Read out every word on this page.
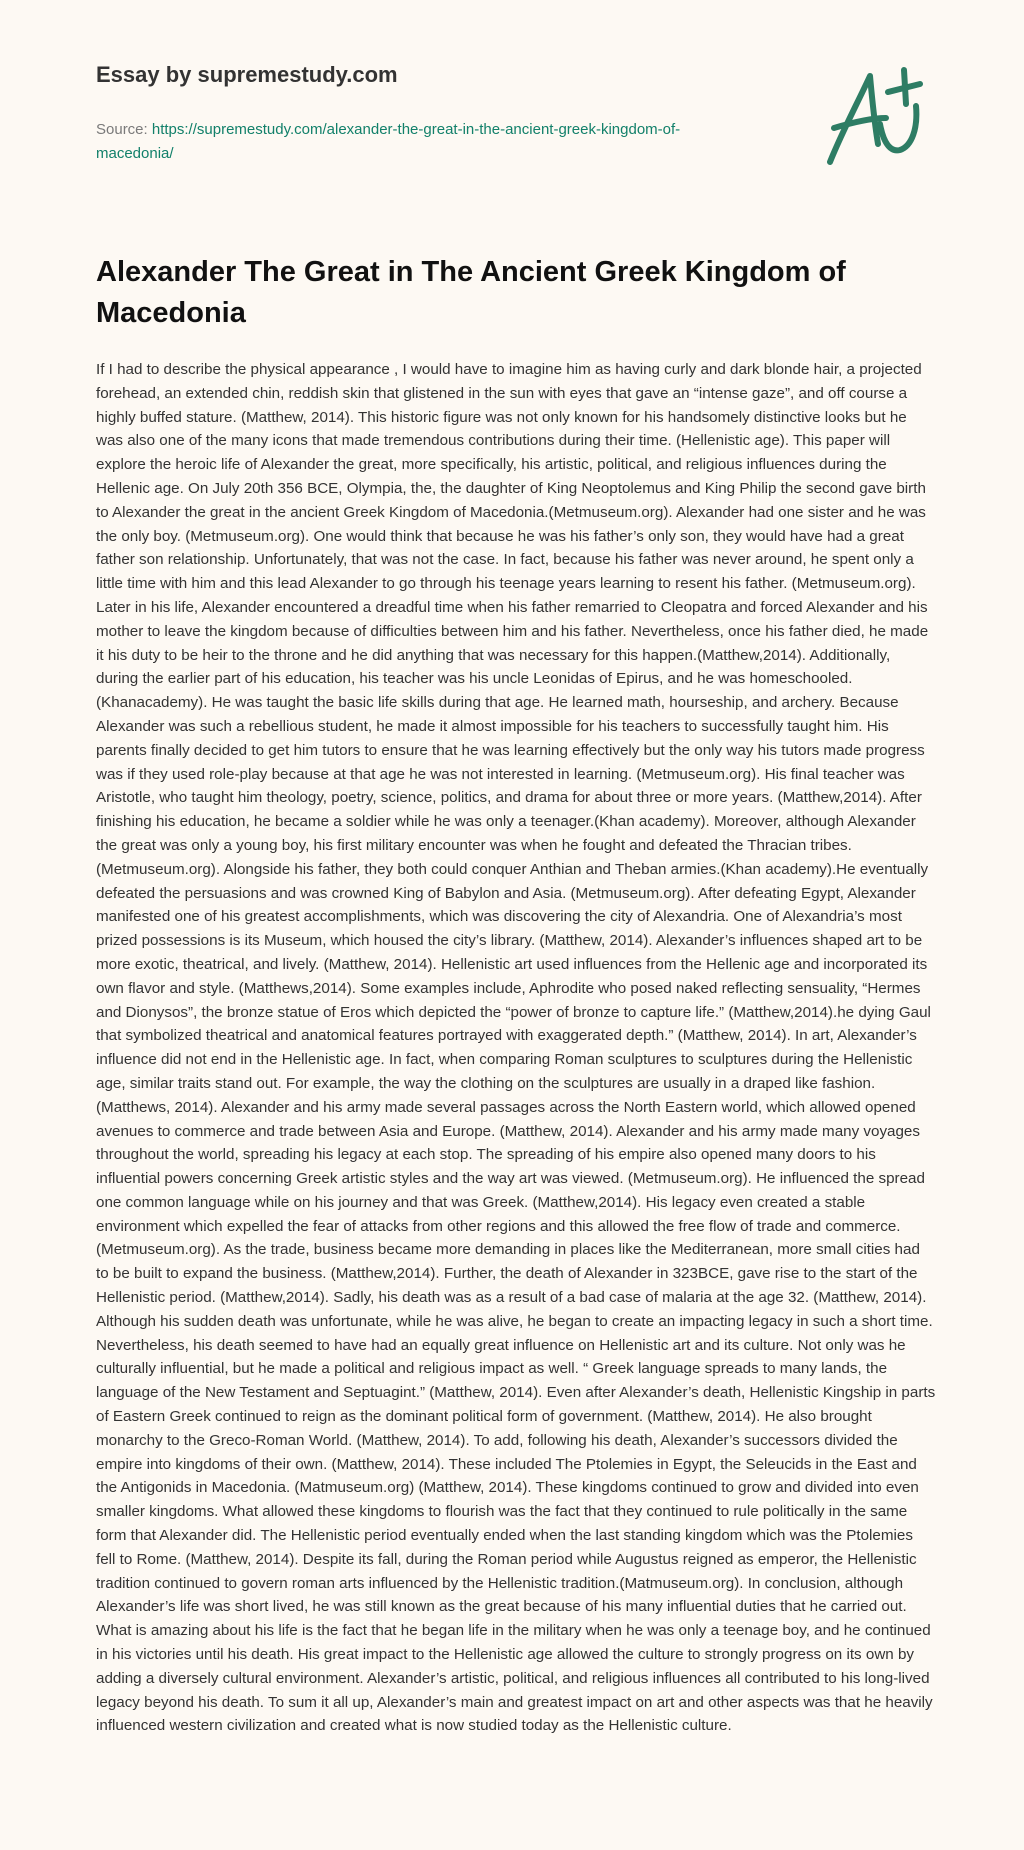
Essay by supremestudy.com
Source: https://supremestudy.com/alexander-the-great-in-the-ancient-greek-kingdom-of-
macedonia/
Alexander The Great in The Ancient Greek Kingdom of Macedonia

If I had to describe the physical appearance , I would have to imagine him as having curly and dark blonde hair, a projected forehead, an extended chin, reddish skin that glistened in the sun with eyes that gave an “intense gaze”, and off course a highly buffed stature. (Matthew, 2014). This historic figure was not only known for his handsomely distinctive looks but he was also one of the many icons that made tremendous contributions during their time. (Hellenistic age). This paper will explore the heroic life of Alexander the great, more specifically, his artistic, political, and religious influences during the Hellenic age. On July 20th 356 BCE, Olympia, the, the daughter of King Neoptolemus and King Philip the second gave birth to Alexander the great in the ancient Greek Kingdom of Macedonia.(Metmuseum.org). Alexander had one sister and he was the only boy. (Metmuseum.org). One would think that because he was his father’s only son, they would have had a great father son relationship. Unfortunately, that was not the case. In fact, because his father was never around, he spent only a little time with him and this lead Alexander to go through his teenage years learning to resent his father. (Metmuseum.org). Later in his life, Alexander encountered a dreadful time when his father remarried to Cleopatra and forced Alexander and his mother to leave the kingdom because of difficulties between him and his father. Nevertheless, once his father died, he made it his duty to be heir to the throne and he did anything that was necessary for this happen.(Matthew,2014). Additionally, during the earlier part of his education, his teacher was his uncle Leonidas of Epirus, and he was homeschooled. (Khanacademy). He was taught the basic life skills during that age. He learned math, hourseship, and archery. Because Alexander was such a rebellious student, he made it almost impossible for his teachers to successfully taught him. His parents finally decided to get him tutors to ensure that he was learning effectively but the only way his tutors made progress was if they used role-play because at that age he was not interested in learning. (Metmuseum.org). His final teacher was Aristotle, who taught him theology, poetry, science, politics, and drama for about three or more years. (Matthew,2014). After finishing his education, he became a soldier while he was only a teenager.(Khan academy). Moreover, although Alexander the great was only a young boy, his first military encounter was when he fought and defeated the Thracian tribes. (Metmuseum.org). Alongside his father, they both could conquer Anthian and Theban armies.(Khan academy).He eventually defeated the persuasions and was crowned King of Babylon and Asia. (Metmuseum.org). After defeating Egypt, Alexander manifested one of his greatest accomplishments, which was discovering the city of Alexandria. One of Alexandria’s most prized possessions is its Museum, which housed the city’s library. (Matthew, 2014). Alexander’s influences shaped art to be more exotic, theatrical, and lively. (Matthew, 2014). Hellenistic art used influences from the Hellenic age and incorporated its own flavor and style. (Matthews,2014). Some examples include, Aphrodite who posed naked reflecting sensuality, “Hermes and Dionysos”, the bronze statue of Eros which depicted the “power of bronze to capture life.” (Matthew,2014).he dying Gaul that symbolized theatrical and anatomical features portrayed with exaggerated depth.” (Matthew, 2014). In art, Alexander’s influence did not end in the Hellenistic age. In fact, when comparing Roman sculptures to sculptures during the Hellenistic age, similar traits stand out. For example, the way the clothing on the sculptures are usually in a draped like fashion. (Matthews, 2014). Alexander and his army made several passages across the North Eastern world, which allowed opened avenues to commerce and trade between Asia and Europe. (Matthew, 2014). Alexander and his army made many voyages throughout the world, spreading his legacy at each stop. The spreading of his empire also opened many doors to his influential powers concerning Greek artistic styles and the way art was viewed. (Metmuseum.org). He influenced the spread one common language while on his journey and that was Greek. (Matthew,2014). His legacy even created a stable environment which expelled the fear of attacks from other regions and this allowed the free flow of trade and commerce. (Metmuseum.org). As the trade, business became more demanding in places like the Mediterranean, more small cities had to be built to expand the business. (Matthew,2014). Further, the death of Alexander in 323BCE, gave rise to the start of the Hellenistic period. (Matthew,2014). Sadly, his death was as a result of a bad case of malaria at the age 32. (Matthew, 2014). Although his sudden death was unfortunate, while he was alive, he began to create an impacting legacy in such a short time. Nevertheless, his death seemed to have had an equally great influence on Hellenistic art and its culture. Not only was he culturally influential, but he made a political and religious impact as well. “ Greek language spreads to many lands, the language of the New Testament and Septuagint.” (Matthew, 2014). Even after Alexander’s death, Hellenistic Kingship in parts of Eastern Greek continued to reign as the dominant political form of government. (Matthew, 2014). He also brought monarchy to the Greco-Roman World. (Matthew, 2014). To add, following his death, Alexander’s successors divided the empire into kingdoms of their own. (Matthew, 2014). These included The Ptolemies in Egypt, the Seleucids in the East and the Antigonids in Macedonia. (Matmuseum.org) (Matthew, 2014). These kingdoms continued to grow and divided into even smaller kingdoms. What allowed these kingdoms to flourish was the fact that they continued to rule politically in the same form that Alexander did. The Hellenistic period eventually ended when the last standing kingdom which was the Ptolemies fell to Rome. (Matthew, 2014). Despite its fall, during the Roman period while Augustus reigned as emperor, the Hellenistic tradition continued to govern roman arts influenced by the Hellenistic tradition.(Matmuseum.org). In conclusion, although Alexander’s life was short lived, he was still known as the great because of his many influential duties that he carried out. What is amazing about his life is the fact that he began life in the military when he was only a teenage boy, and he continued in his victories until his death. His great impact to the Hellenistic age allowed the culture to strongly progress on its own by adding a diversely cultural environment. Alexander’s artistic, political, and religious influences all contributed to his long-lived legacy beyond his death. To sum it all up, Alexander’s main and greatest impact on art and other aspects was that he heavily influenced western civilization and created what is now studied today as the Hellenistic culture.
